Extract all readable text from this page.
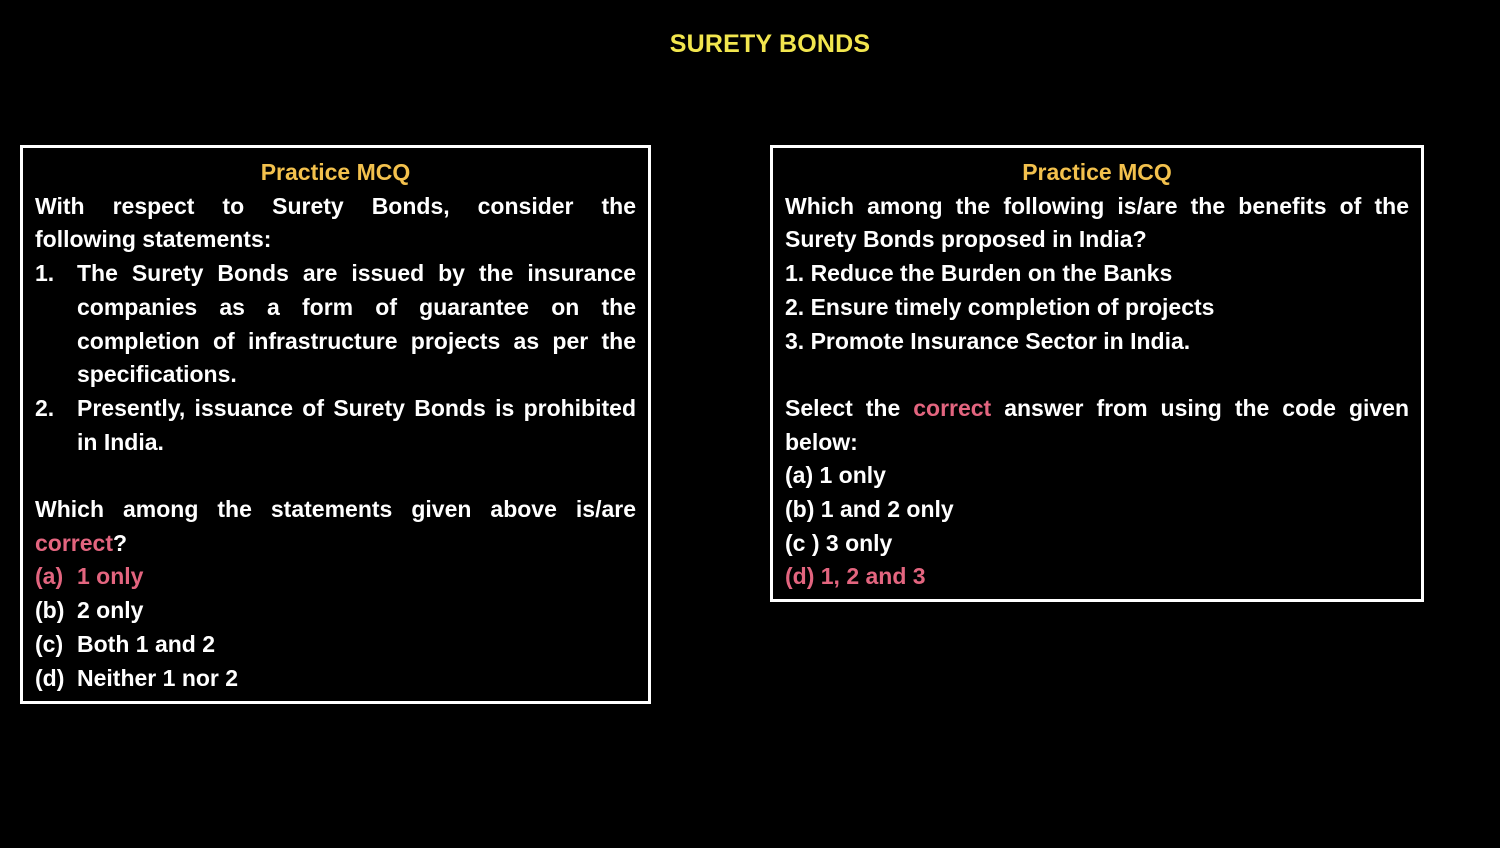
SURETY BONDS
Practice MCQ
With respect to Surety Bonds, consider the
following statements:
1. The Surety Bonds are issued by the insurance
companies as a form of guarantee on the
completion of infrastructure projects as per the
specifications.
2. Presently, issuance of Surety Bonds is prohibited
in India.
Which among the statements given above is/are
correct?
(a) 1 only
(b) 2 only
(c) Both 1 and 2
(d) Neither 1 nor 2
Practice MCQ
Which among the following is/are the benefits of the
Surety Bonds proposed in India?
1. Reduce the Burden on the Banks
2. Ensure timely completion of projects
3. Promote Insurance Sector in India.
Select the correct answer from using the code given
below:
(a) 1 only
(b) 1 and 2 only
(c ) 3 only
(d) 1, 2 and 3
